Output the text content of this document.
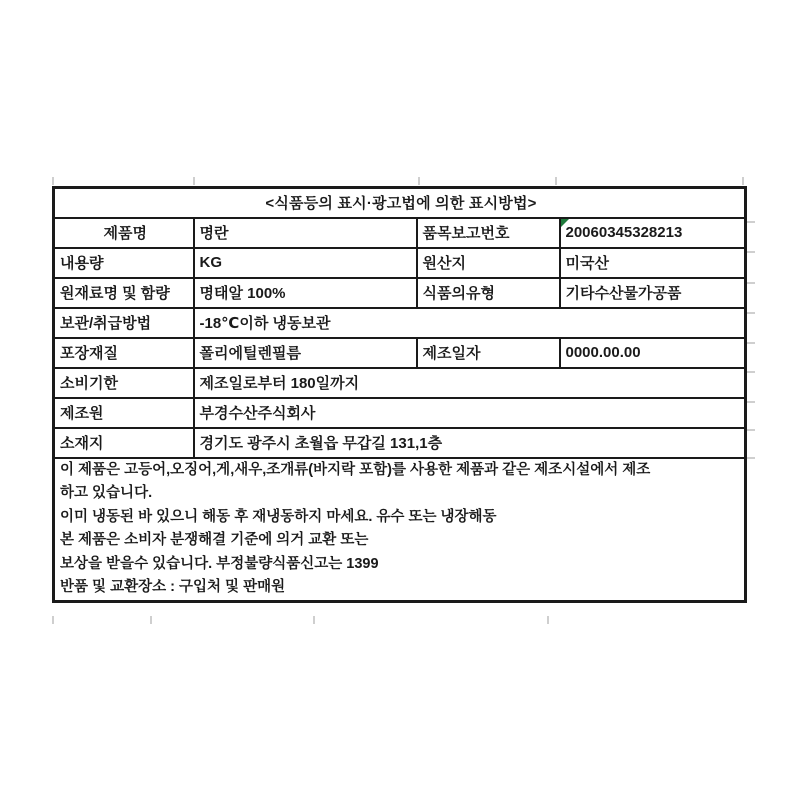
<식품등의 표시·광고법에 의한 표시방법>			
제품명	명란	품목보고번호	20060345328213
내용량	KG	원산지	미국산
원재료명 및 함량	명태알 100%	식품의유형	기타수산물가공품
보관/취급방법	-18℃이하 냉동보관		
포장재질	폴리에틸렌필름	제조일자	0000.00.00
소비기한	제조일로부터 180일까지		
제조원	부경수산주식회사		
소재지	경기도 광주시 초월읍 무갑길 131,1층		

이 제품은 고등어,오징어,게,새우,조개류(바지락 포함)를 사용한 제품과 같은 제조시설에서 제조
하고 있습니다.
이미 냉동된 바 있으니 해동 후 재냉동하지 마세요. 유수 또는 냉장해동
본 제품은 소비자 분쟁해결 기준에 의거 교환 또는
보상을 받을수 있습니다. 부정불량식품신고는 1399
반품 및 교환장소 : 구입처 및 판매원
